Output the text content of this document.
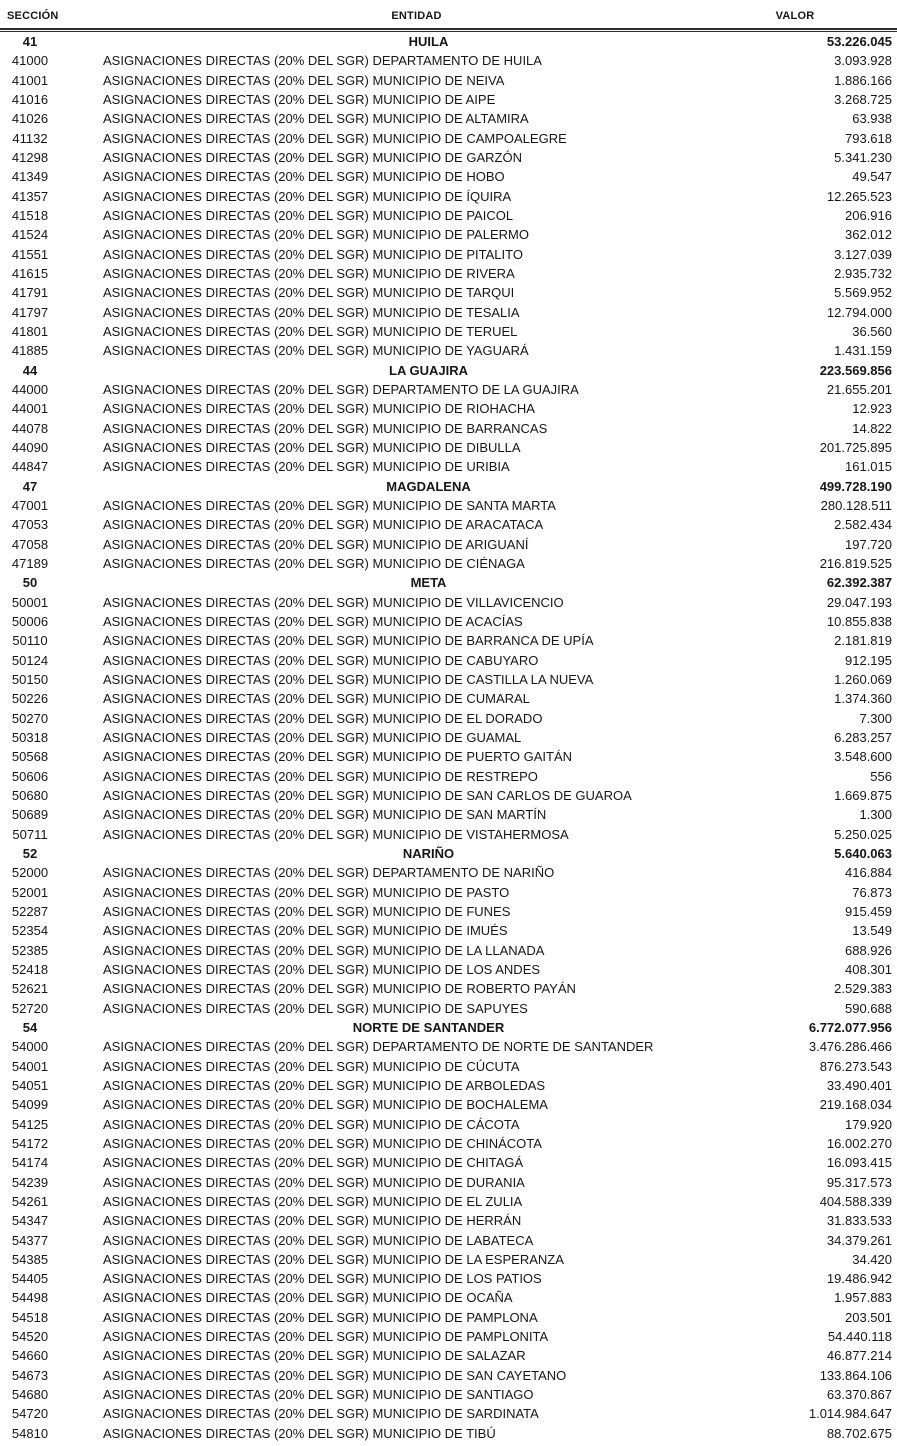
SECCIÓN	ENTIDAD	VALOR
41	HUILA	53.226.045
41000	ASIGNACIONES DIRECTAS (20% DEL SGR) DEPARTAMENTO DE HUILA	3.093.928
41001	ASIGNACIONES DIRECTAS (20% DEL SGR) MUNICIPIO DE NEIVA	1.886.166
41016	ASIGNACIONES DIRECTAS (20% DEL SGR) MUNICIPIO DE AIPE	3.268.725
41026	ASIGNACIONES DIRECTAS (20% DEL SGR) MUNICIPIO DE ALTAMIRA	63.938
41132	ASIGNACIONES DIRECTAS (20% DEL SGR) MUNICIPIO DE CAMPOALEGRE	793.618
41298	ASIGNACIONES DIRECTAS (20% DEL SGR) MUNICIPIO DE GARZÓN	5.341.230
41349	ASIGNACIONES DIRECTAS (20% DEL SGR) MUNICIPIO DE HOBO	49.547
41357	ASIGNACIONES DIRECTAS (20% DEL SGR) MUNICIPIO DE ÍQUIRA	12.265.523
41518	ASIGNACIONES DIRECTAS (20% DEL SGR) MUNICIPIO DE PAICOL	206.916
41524	ASIGNACIONES DIRECTAS (20% DEL SGR) MUNICIPIO DE PALERMO	362.012
41551	ASIGNACIONES DIRECTAS (20% DEL SGR) MUNICIPIO DE PITALITO	3.127.039
41615	ASIGNACIONES DIRECTAS (20% DEL SGR) MUNICIPIO DE RIVERA	2.935.732
41791	ASIGNACIONES DIRECTAS (20% DEL SGR) MUNICIPIO DE TARQUI	5.569.952
41797	ASIGNACIONES DIRECTAS (20% DEL SGR) MUNICIPIO DE TESALIA	12.794.000
41801	ASIGNACIONES DIRECTAS (20% DEL SGR) MUNICIPIO DE TERUEL	36.560
41885	ASIGNACIONES DIRECTAS (20% DEL SGR) MUNICIPIO DE YAGUARÁ	1.431.159
44	LA GUAJIRA	223.569.856
44000	ASIGNACIONES DIRECTAS (20% DEL SGR) DEPARTAMENTO DE LA GUAJIRA	21.655.201
44001	ASIGNACIONES DIRECTAS (20% DEL SGR) MUNICIPIO DE RIOHACHA	12.923
44078	ASIGNACIONES DIRECTAS (20% DEL SGR) MUNICIPIO DE BARRANCAS	14.822
44090	ASIGNACIONES DIRECTAS (20% DEL SGR) MUNICIPIO DE DIBULLA	201.725.895
44847	ASIGNACIONES DIRECTAS (20% DEL SGR) MUNICIPIO DE URIBIA	161.015
47	MAGDALENA	499.728.190
47001	ASIGNACIONES DIRECTAS (20% DEL SGR) MUNICIPIO DE SANTA MARTA	280.128.511
47053	ASIGNACIONES DIRECTAS (20% DEL SGR) MUNICIPIO DE ARACATACA	2.582.434
47058	ASIGNACIONES DIRECTAS (20% DEL SGR) MUNICIPIO DE ARIGUANÍ	197.720
47189	ASIGNACIONES DIRECTAS (20% DEL SGR) MUNICIPIO DE CIÉNAGA	216.819.525
50	META	62.392.387
50001	ASIGNACIONES DIRECTAS (20% DEL SGR) MUNICIPIO DE VILLAVICENCIO	29.047.193
50006	ASIGNACIONES DIRECTAS (20% DEL SGR) MUNICIPIO DE ACACÍAS	10.855.838
50110	ASIGNACIONES DIRECTAS (20% DEL SGR) MUNICIPIO DE BARRANCA DE UPÍA	2.181.819
50124	ASIGNACIONES DIRECTAS (20% DEL SGR) MUNICIPIO DE CABUYARO	912.195
50150	ASIGNACIONES DIRECTAS (20% DEL SGR) MUNICIPIO DE CASTILLA LA NUEVA	1.260.069
50226	ASIGNACIONES DIRECTAS (20% DEL SGR) MUNICIPIO DE CUMARAL	1.374.360
50270	ASIGNACIONES DIRECTAS (20% DEL SGR) MUNICIPIO DE EL DORADO	7.300
50318	ASIGNACIONES DIRECTAS (20% DEL SGR) MUNICIPIO DE GUAMAL	6.283.257
50568	ASIGNACIONES DIRECTAS (20% DEL SGR) MUNICIPIO DE PUERTO GAITÁN	3.548.600
50606	ASIGNACIONES DIRECTAS (20% DEL SGR) MUNICIPIO DE RESTREPO	556
50680	ASIGNACIONES DIRECTAS (20% DEL SGR) MUNICIPIO DE SAN CARLOS DE GUAROA	1.669.875
50689	ASIGNACIONES DIRECTAS (20% DEL SGR) MUNICIPIO DE SAN MARTÍN	1.300
50711	ASIGNACIONES DIRECTAS (20% DEL SGR) MUNICIPIO DE VISTAHERMOSA	5.250.025
52	NARIÑO	5.640.063
52000	ASIGNACIONES DIRECTAS (20% DEL SGR) DEPARTAMENTO DE NARIÑO	416.884
52001	ASIGNACIONES DIRECTAS (20% DEL SGR) MUNICIPIO DE PASTO	76.873
52287	ASIGNACIONES DIRECTAS (20% DEL SGR) MUNICIPIO DE FUNES	915.459
52354	ASIGNACIONES DIRECTAS (20% DEL SGR) MUNICIPIO DE IMUÉS	13.549
52385	ASIGNACIONES DIRECTAS (20% DEL SGR) MUNICIPIO DE LA LLANADA	688.926
52418	ASIGNACIONES DIRECTAS (20% DEL SGR) MUNICIPIO DE LOS ANDES	408.301
52621	ASIGNACIONES DIRECTAS (20% DEL SGR) MUNICIPIO DE ROBERTO PAYÁN	2.529.383
52720	ASIGNACIONES DIRECTAS (20% DEL SGR) MUNICIPIO DE SAPUYES	590.688
54	NORTE DE SANTANDER	6.772.077.956
54000	ASIGNACIONES DIRECTAS (20% DEL SGR) DEPARTAMENTO DE NORTE DE SANTANDER	3.476.286.466
54001	ASIGNACIONES DIRECTAS (20% DEL SGR) MUNICIPIO DE CÚCUTA	876.273.543
54051	ASIGNACIONES DIRECTAS (20% DEL SGR) MUNICIPIO DE ARBOLEDAS	33.490.401
54099	ASIGNACIONES DIRECTAS (20% DEL SGR) MUNICIPIO DE BOCHALEMA	219.168.034
54125	ASIGNACIONES DIRECTAS (20% DEL SGR) MUNICIPIO DE CÁCOTA	179.920
54172	ASIGNACIONES DIRECTAS (20% DEL SGR) MUNICIPIO DE CHINÁCOTA	16.002.270
54174	ASIGNACIONES DIRECTAS (20% DEL SGR) MUNICIPIO DE CHITAGÁ	16.093.415
54239	ASIGNACIONES DIRECTAS (20% DEL SGR) MUNICIPIO DE DURANIA	95.317.573
54261	ASIGNACIONES DIRECTAS (20% DEL SGR) MUNICIPIO DE EL ZULIA	404.588.339
54347	ASIGNACIONES DIRECTAS (20% DEL SGR) MUNICIPIO DE HERRÁN	31.833.533
54377	ASIGNACIONES DIRECTAS (20% DEL SGR) MUNICIPIO DE LABATECA	34.379.261
54385	ASIGNACIONES DIRECTAS (20% DEL SGR) MUNICIPIO DE LA ESPERANZA	34.420
54405	ASIGNACIONES DIRECTAS (20% DEL SGR) MUNICIPIO DE LOS PATIOS	19.486.942
54498	ASIGNACIONES DIRECTAS (20% DEL SGR) MUNICIPIO DE OCAÑA	1.957.883
54518	ASIGNACIONES DIRECTAS (20% DEL SGR) MUNICIPIO DE PAMPLONA	203.501
54520	ASIGNACIONES DIRECTAS (20% DEL SGR) MUNICIPIO DE PAMPLONITA	54.440.118
54660	ASIGNACIONES DIRECTAS (20% DEL SGR) MUNICIPIO DE SALAZAR	46.877.214
54673	ASIGNACIONES DIRECTAS (20% DEL SGR) MUNICIPIO DE SAN CAYETANO	133.864.106
54680	ASIGNACIONES DIRECTAS (20% DEL SGR) MUNICIPIO DE SANTIAGO	63.370.867
54720	ASIGNACIONES DIRECTAS (20% DEL SGR) MUNICIPIO DE SARDINATA	1.014.984.647
54810	ASIGNACIONES DIRECTAS (20% DEL SGR) MUNICIPIO DE TIBÚ	88.702.675
